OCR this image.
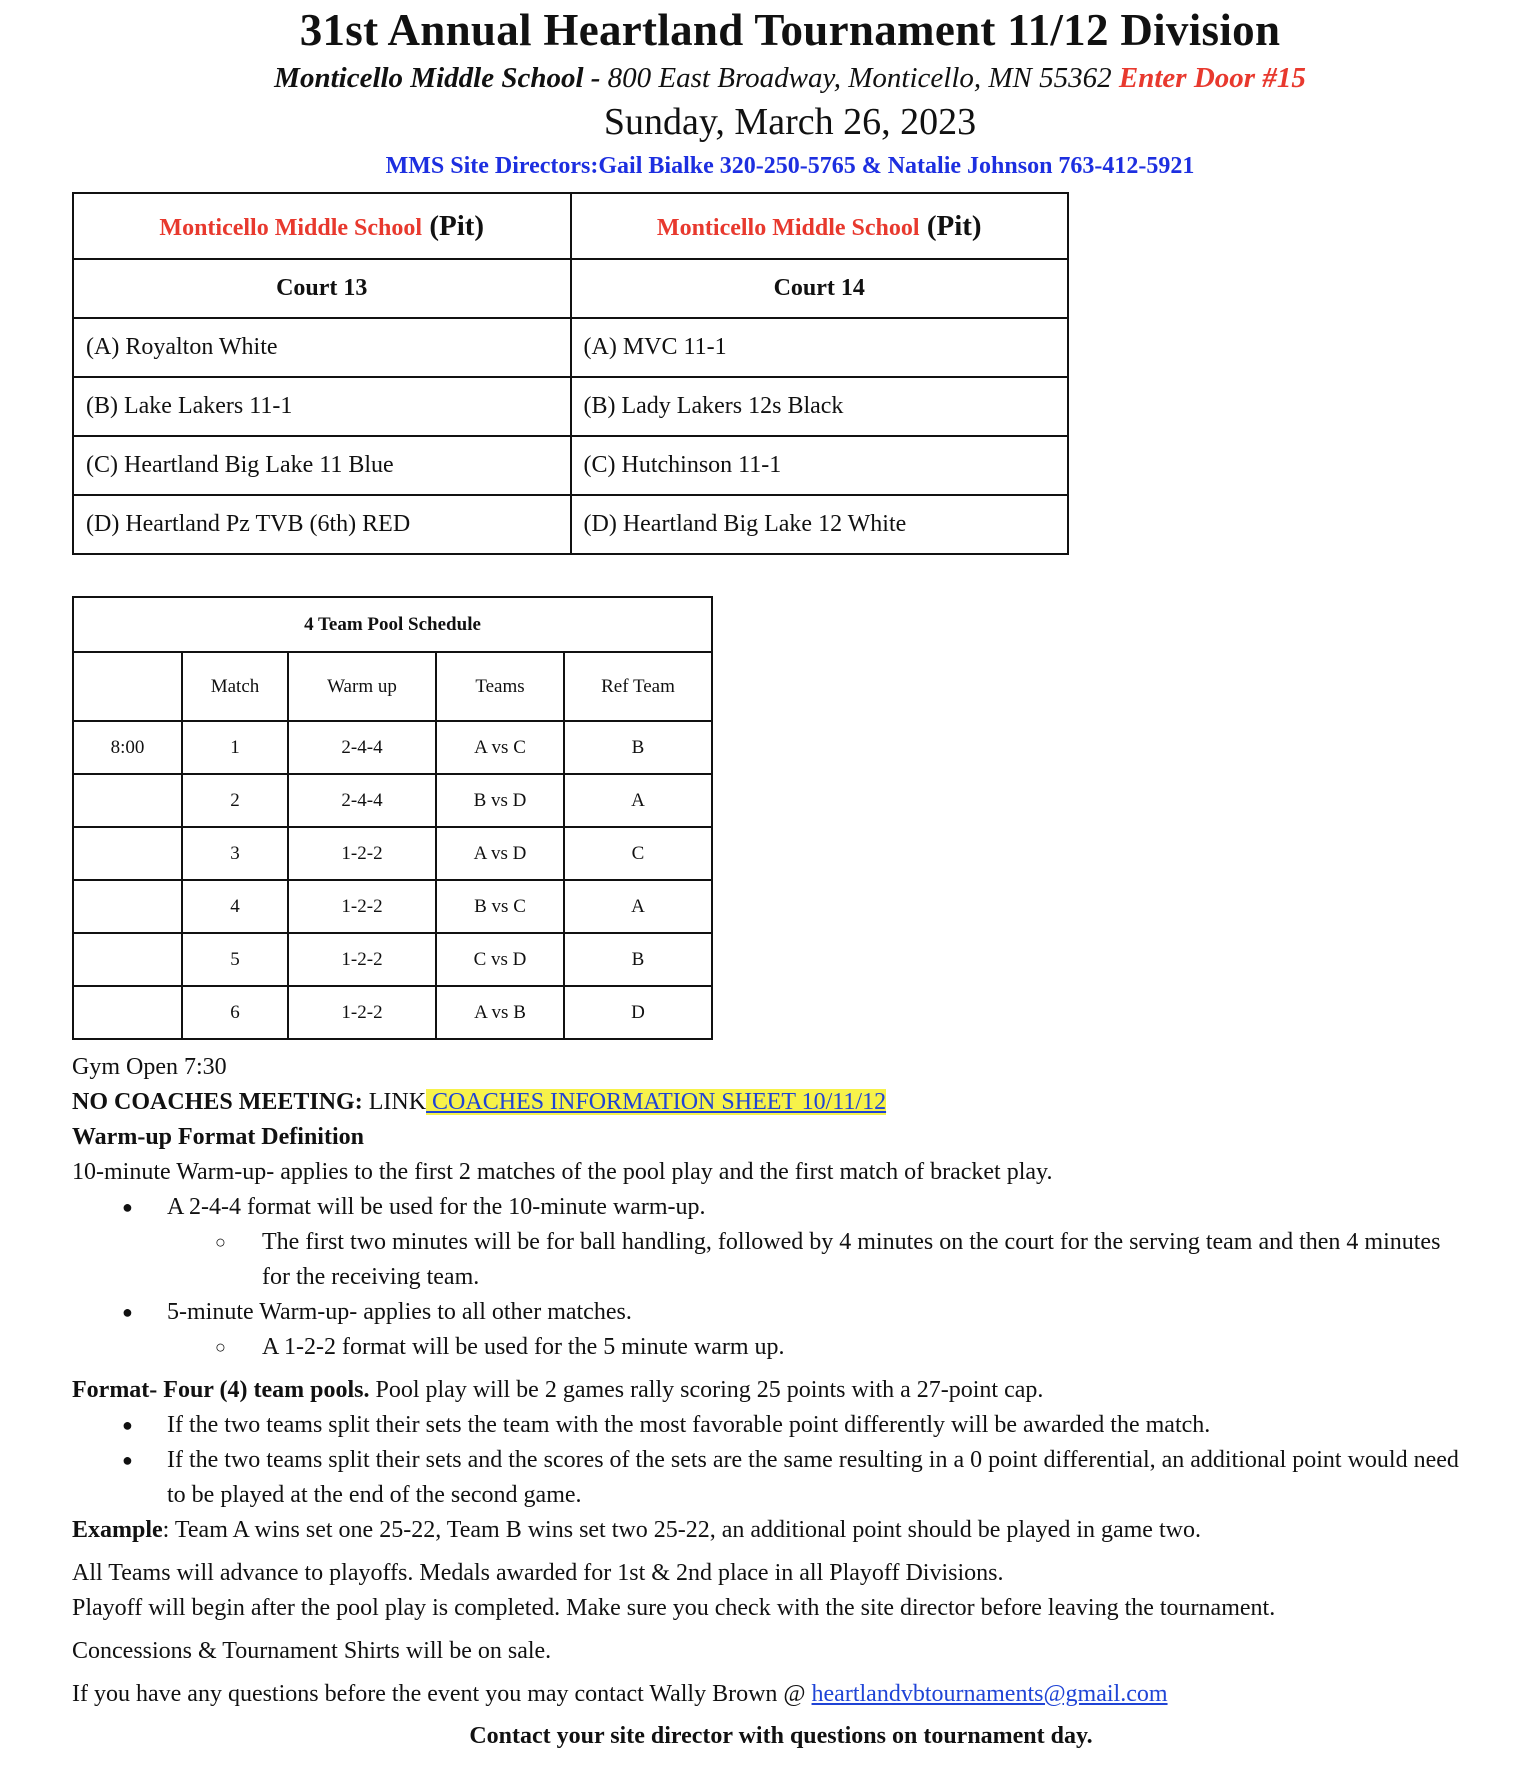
31st Annual Heartland Tournament 11/12 Division
Monticello Middle School - 800 East Broadway, Monticello, MN 55362 Enter Door #15
Sunday, March 26, 2023
MMS Site Directors:Gail Bialke 320-250-5765 & Natalie Johnson 763-412-5921
Monticello Middle School (Pit)	Monticello Middle School (Pit)
Court 13	Court 14
(A) Royalton White	(A) MVC 11-1
(B) Lake Lakers 11-1	(B) Lady Lakers 12s Black
(C) Heartland Big Lake 11 Blue	(C) Hutchinson 11-1
(D) Heartland Pz TVB (6th) RED	(D) Heartland Big Lake 12 White
4 Team Pool Schedule				
	Match	Warm up	Teams	Ref Team
8:00	1	2-4-4	A vs C	B
	2	2-4-4	B vs D	A
	3	1-2-2	A vs D	C
	4	1-2-2	B vs C	A
	5	1-2-2	C vs D	B
	6	1-2-2	A vs B	D

Gym Open 7:30

NO COACHES MEETING: LINK COACHES INFORMATION SHEET 10/11/12

Warm-up Format Definition

10-minute Warm-up- applies to the first 2 matches of the pool play and the first match of bracket play.

● A 2-4-4 format will be used for the 10-minute warm-up.
○ The first two minutes will be for ball handling, followed by 4 minutes on the court for the serving team and then 4 minutes for the receiving team.
● 5-minute Warm-up- applies to all other matches.
○ A 1-2-2 format will be used for the 5 minute warm up.

Format- Four (4) team pools. Pool play will be 2 games rally scoring 25 points with a 27-point cap.

● If the two teams split their sets the team with the most favorable point differently will be awarded the match.
● If the two teams split their sets and the scores of the sets are the same resulting in a 0 point differential, an additional point would need to be played at the end of the second game.

Example: Team A wins set one 25-22, Team B wins set two 25-22, an additional point should be played in game two.

All Teams will advance to playoffs. Medals awarded for 1st & 2nd place in all Playoff Divisions.

Playoff will begin after the pool play is completed. Make sure you check with the site director before leaving the tournament.

Concessions & Tournament Shirts will be on sale.

If you have any questions before the event you may contact Wally Brown @ heartlandvbtournaments@gmail.com

Contact your site director with questions on tournament day.
